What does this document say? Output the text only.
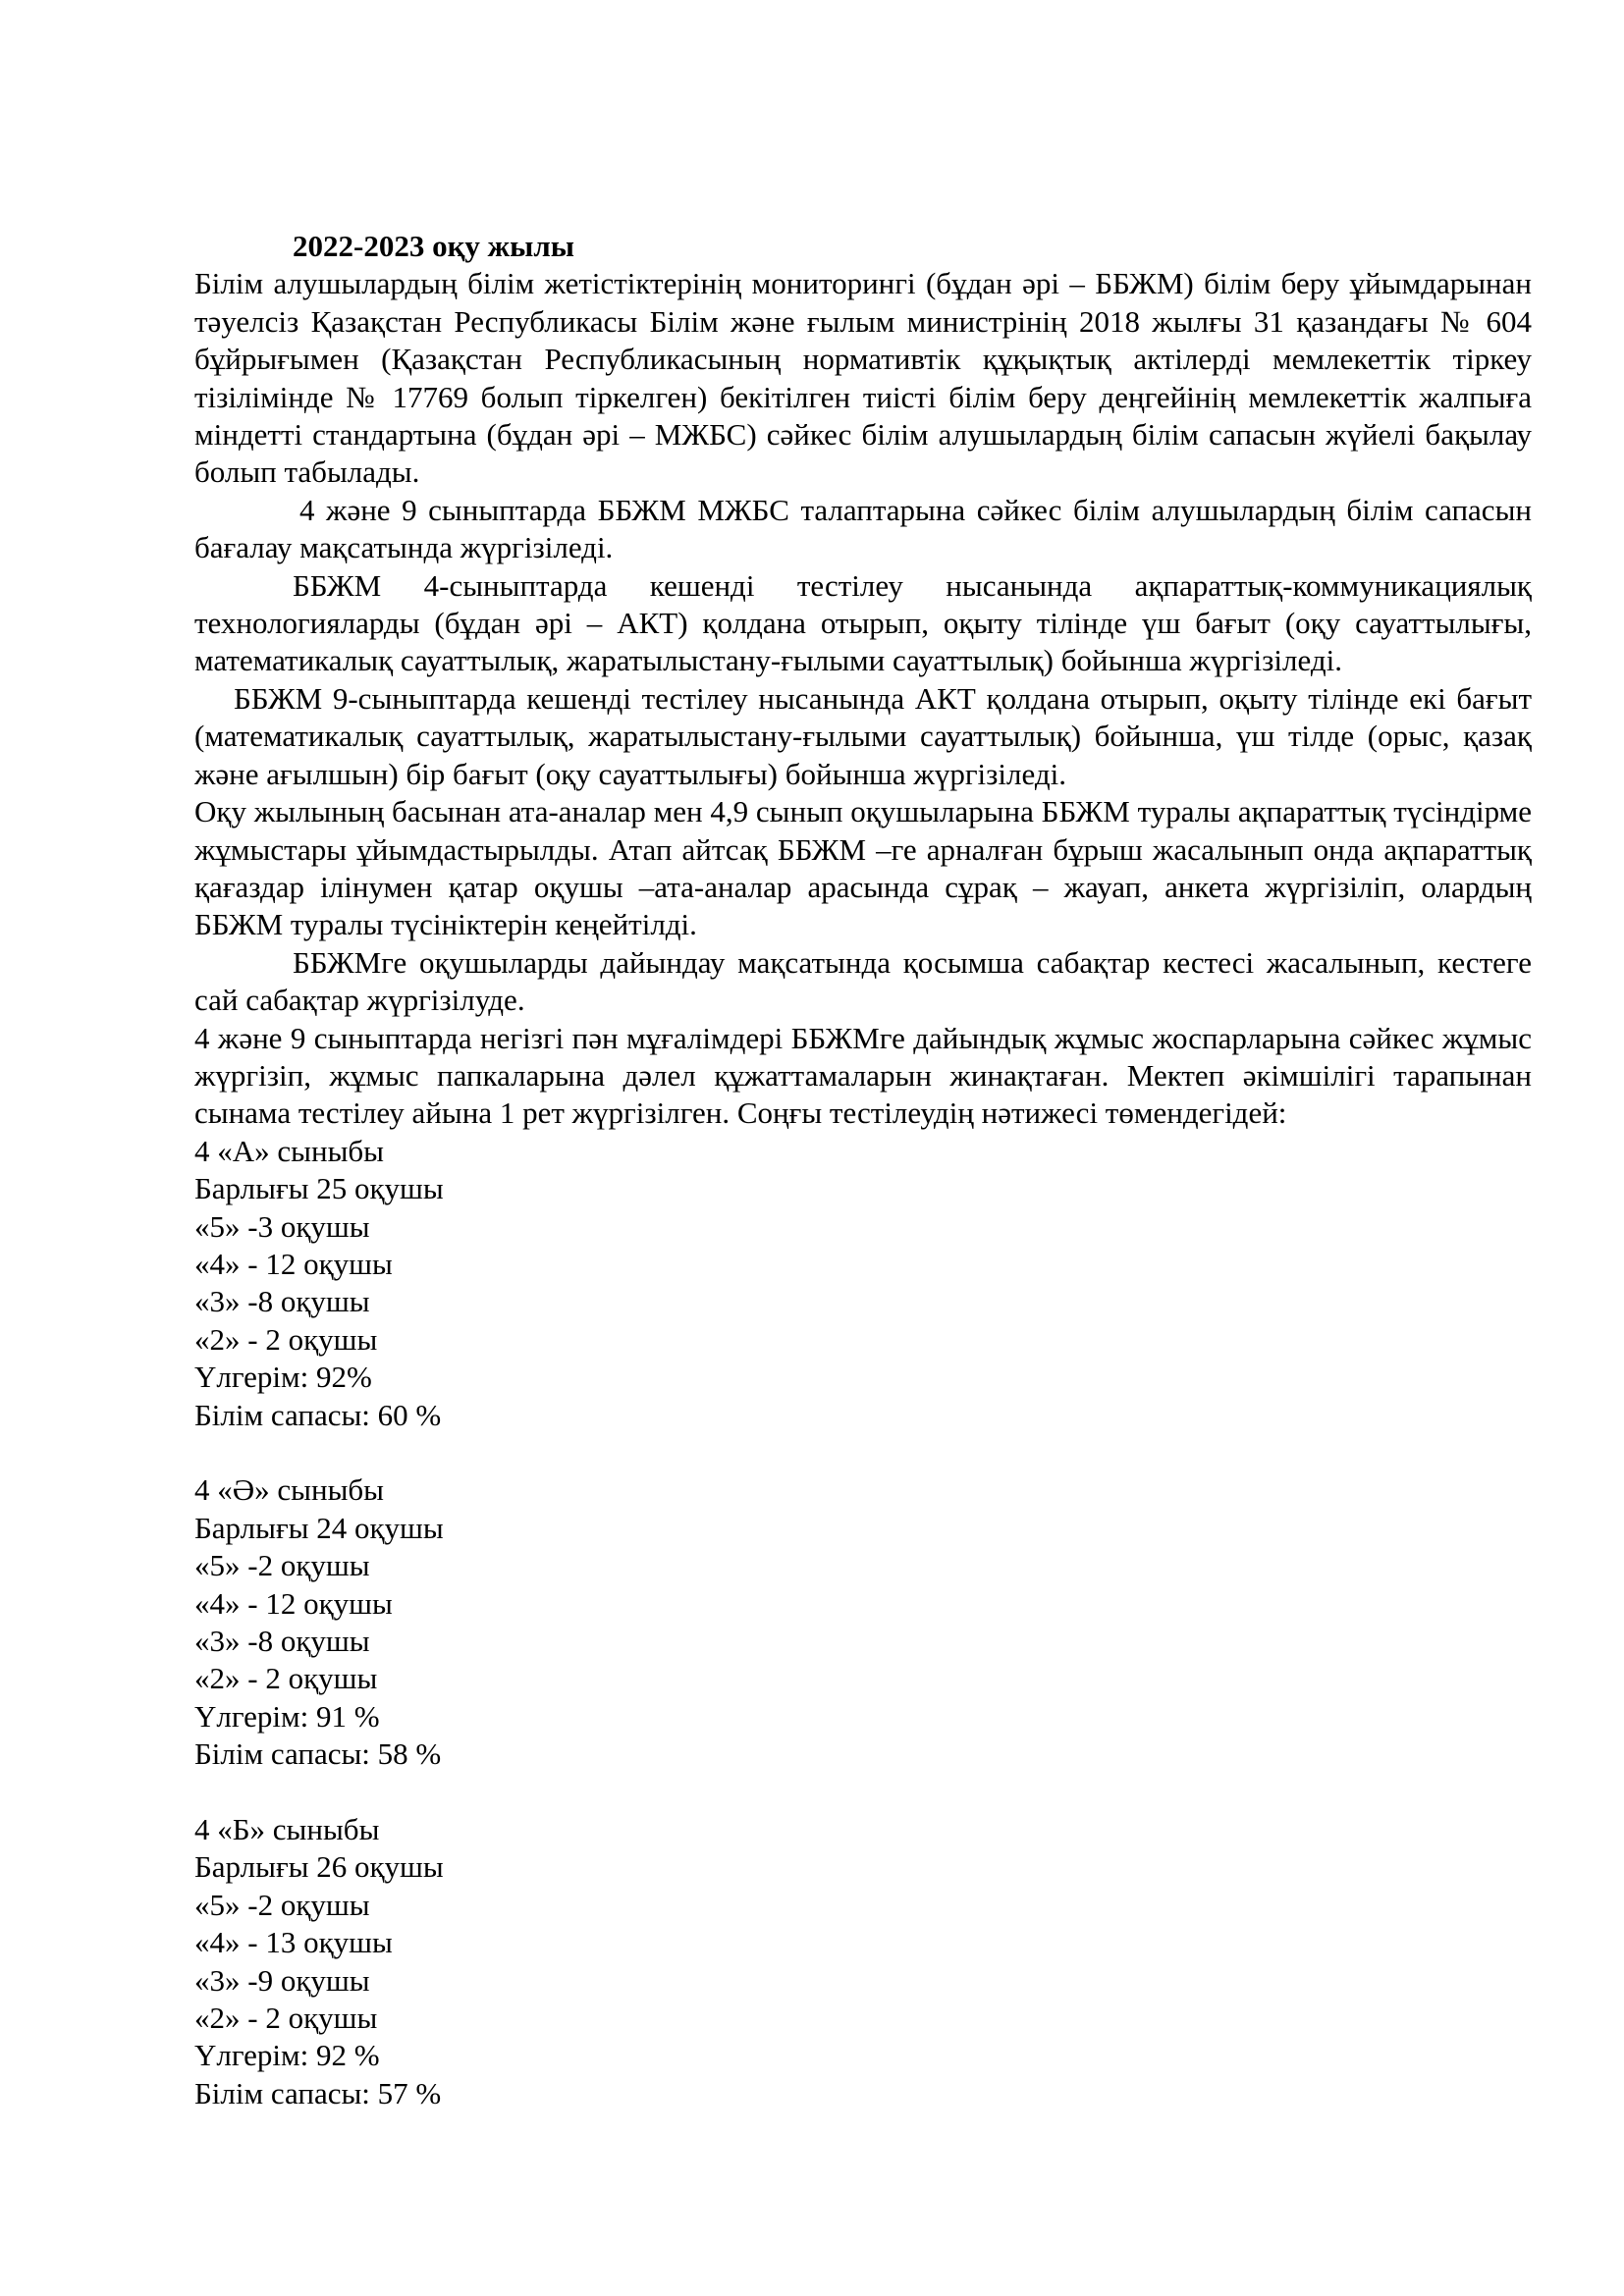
2022-2023 оқу жылы

Білім алушылардың білім жетістіктерінің мониторингі (бұдан әрі – ББЖМ) білім беру ұйымдарынан тәуелсіз Қазақстан Республикасы Білім және ғылым министрінің 2018 жылғы 31 қазандағы № 604 бұйрығымен (Қазақстан Республикасының нормативтік құқықтық актілерді мемлекеттік тіркеу тізілімінде № 17769 болып тіркелген) бекітілген тиісті білім беру деңгейінің мемлекеттік жалпыға міндетті стандартына (бұдан әрі – МЖБС) сәйкес білім алушылардың білім сапасын жүйелі бақылау болып табылады.

4 және 9 сыныптарда ББЖМ МЖБС талаптарына сәйкес білім алушылардың білім сапасын бағалау мақсатында жүргізіледі.

ББЖМ 4-сыныптарда кешенді тестілеу нысанында ақпараттық-коммуникациялық технологияларды (бұдан әрі – АКТ) қолдана отырып, оқыту тілінде үш бағыт (оқу сауаттылығы, математикалық сауаттылық, жаратылыстану-ғылыми сауаттылық) бойынша жүргізіледі.

ББЖМ 9-сыныптарда кешенді тестілеу нысанында АКТ қолдана отырып, оқыту тілінде екі бағыт (математикалық сауаттылық, жаратылыстану-ғылыми сауаттылық) бойынша, үш тілде (орыс, қазақ және ағылшын) бір бағыт (оқу сауаттылығы) бойынша жүргізіледі.

Оқу жылының басынан ата-аналар мен 4,9 сынып оқушыларына ББЖМ туралы ақпараттық түсіндірме жұмыстары ұйымдастырылды. Атап айтсақ ББЖМ –ге арналған бұрыш жасалынып онда ақпараттық қағаздар ілінумен қатар оқушы –ата-аналар арасында сұрақ – жауап, анкета жүргізіліп, олардың ББЖМ туралы түсініктерін кеңейтілді.

ББЖМге оқушыларды дайындау мақсатында қосымша сабақтар кестесі жасалынып, кестеге сай сабақтар жүргізілуде.

4 және 9 сыныптарда негізгі пән мұғалімдері ББЖМге дайындық жұмыс жоспарларына сәйкес жұмыс жүргізіп, жұмыс папкаларына дәлел құжаттамаларын жинақтаған. Мектеп әкімшілігі тарапынан сынама тестілеу айына 1 рет жүргізілген. Соңғы тестілеудің нәтижесі төмендегідей:

4 «А» сыныбы
Барлығы 25 оқушы
«5» -3 оқушы
«4» - 12 оқушы
«3» -8 оқушы
«2» - 2 оқушы
Үлгерім: 92%
Білім сапасы: 60 %
4 «Ә» сыныбы
Барлығы 24 оқушы
«5» -2 оқушы
«4» - 12 оқушы
«3» -8 оқушы
«2» - 2 оқушы
Үлгерім: 91 %
Білім сапасы: 58 %
4 «Б» сыныбы
Барлығы 26 оқушы
«5» -2 оқушы
«4» - 13 оқушы
«3» -9 оқушы
«2» - 2 оқушы
Үлгерім: 92 %
Білім сапасы: 57 %
